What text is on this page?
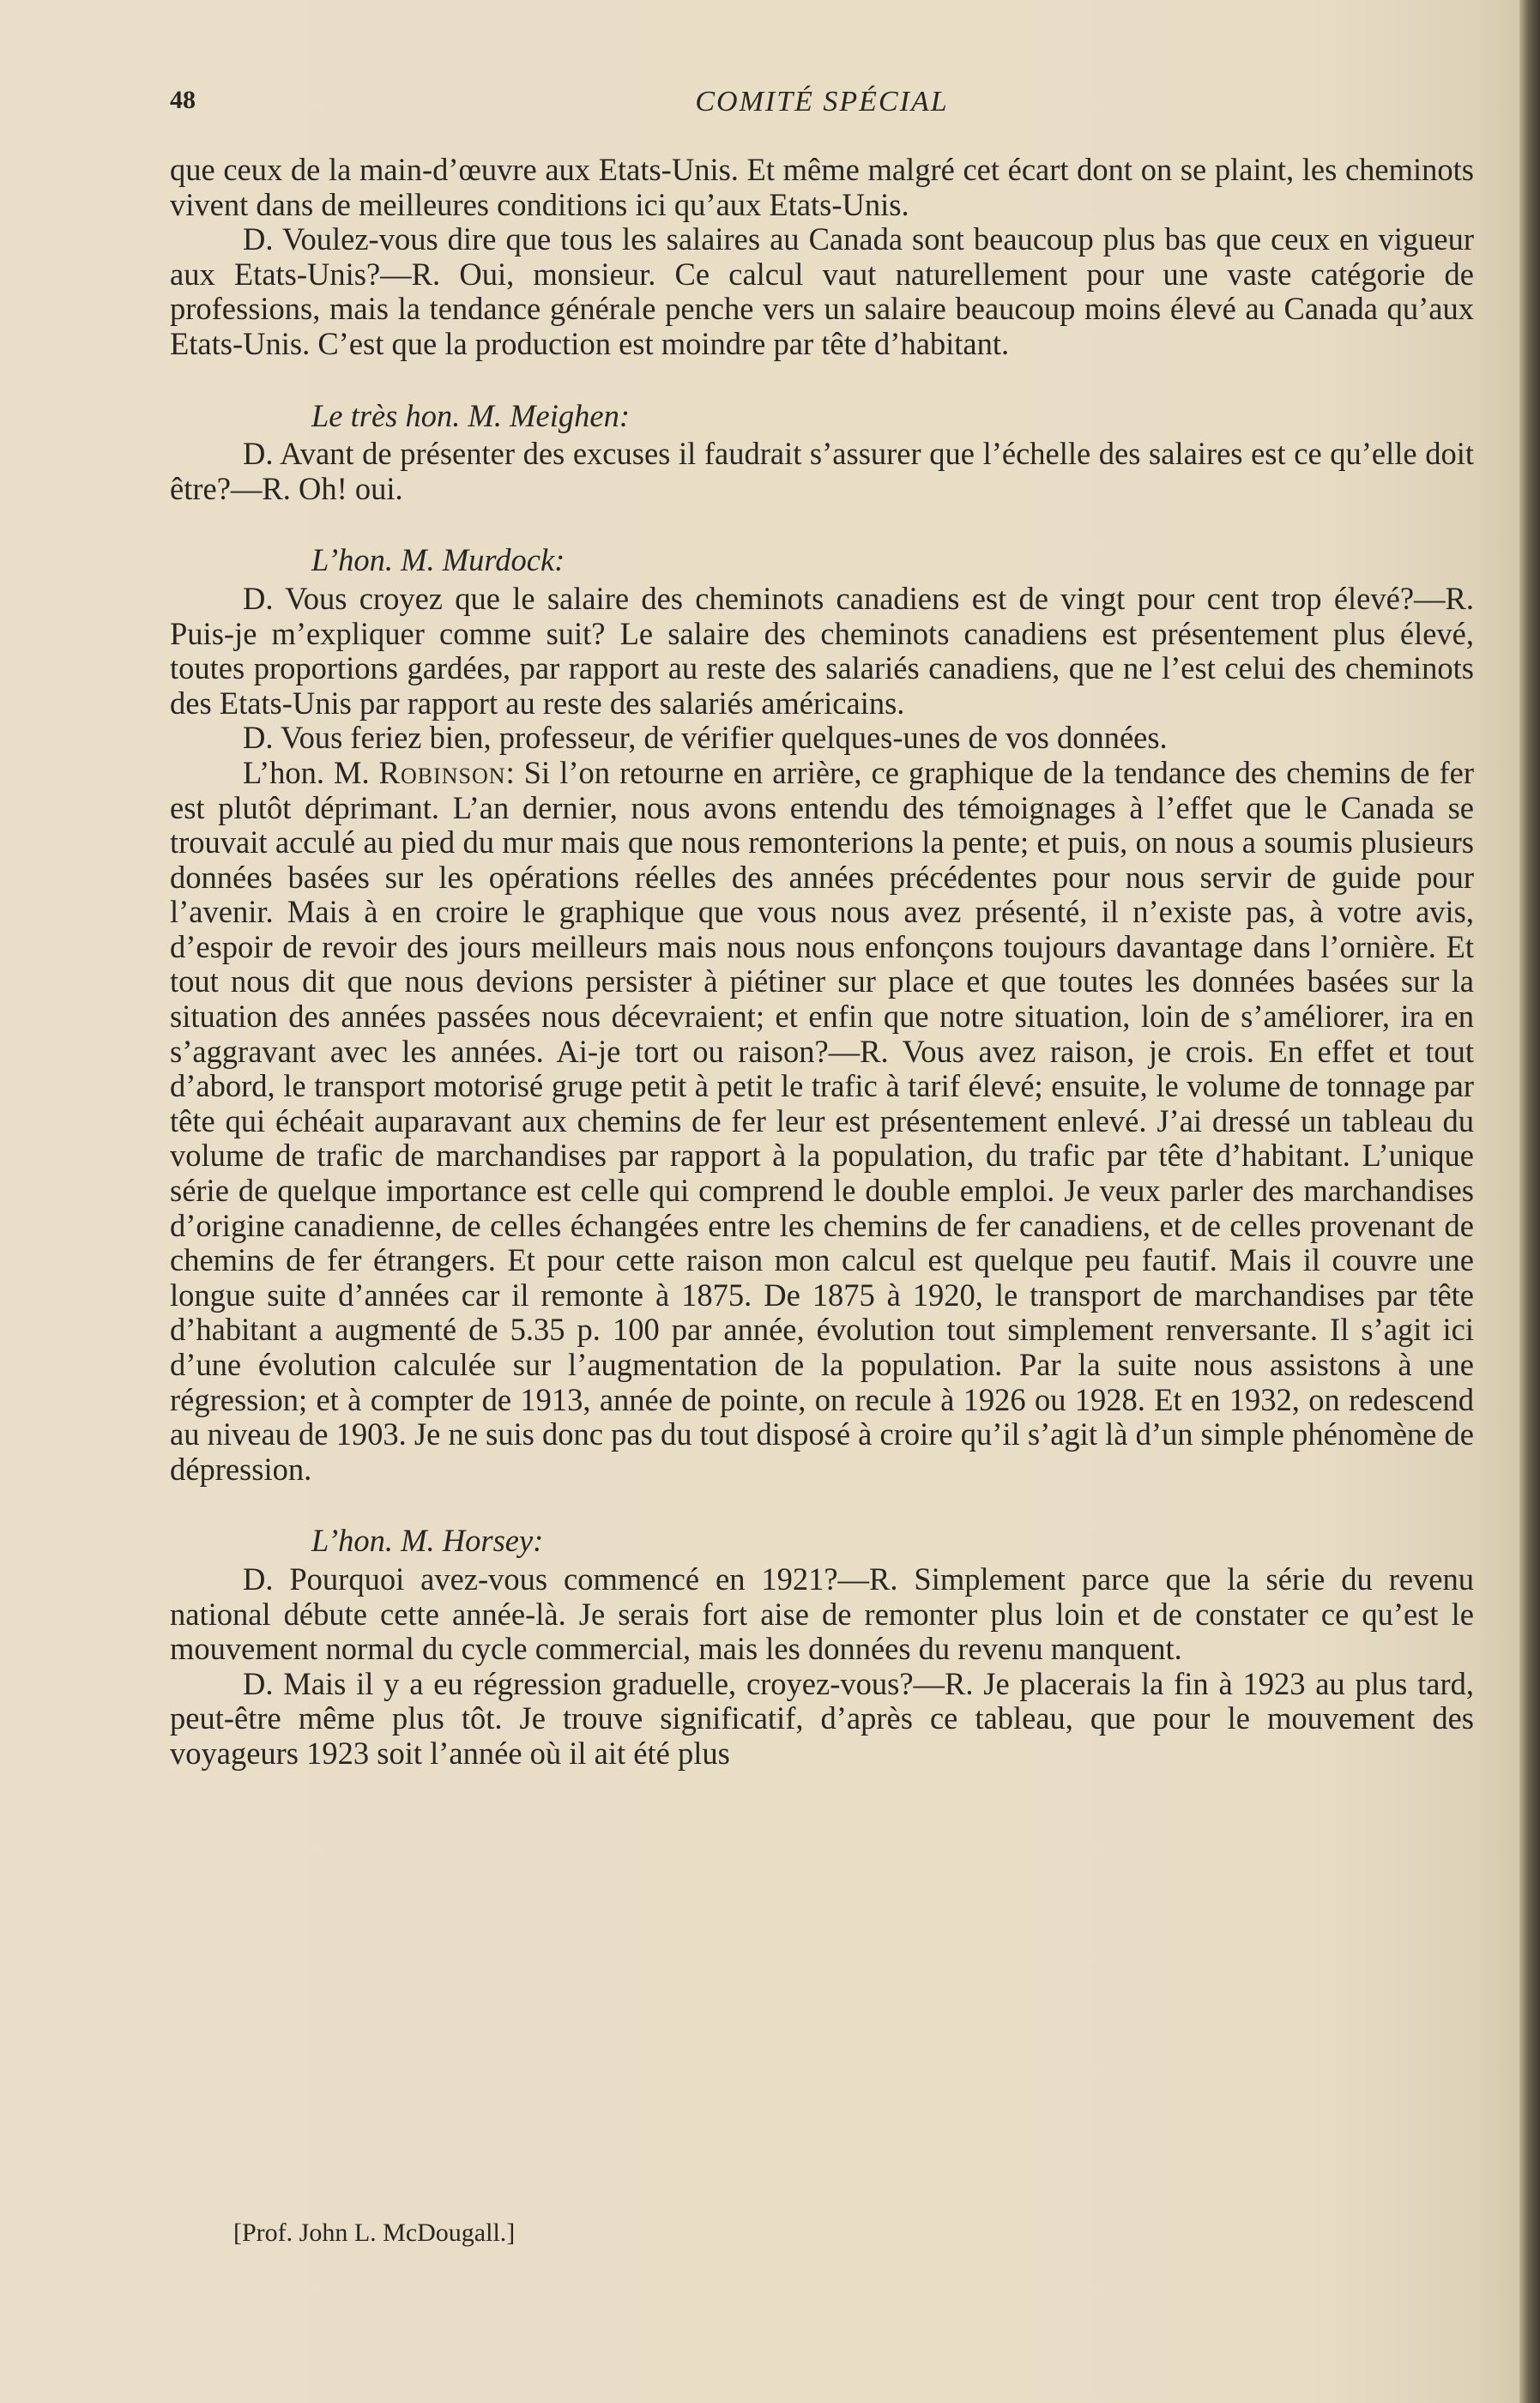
48	COMITÉ SPÉCIAL

que ceux de la main-d’œuvre aux Etats-Unis. Et même malgré cet écart dont on se plaint, les cheminots vivent dans de meilleures conditions ici qu’aux Etats-Unis.

D. Voulez-vous dire que tous les salaires au Canada sont beaucoup plus bas que ceux en vigueur aux Etats-Unis?—R. Oui, monsieur. Ce calcul vaut naturellement pour une vaste catégorie de professions, mais la tendance générale penche vers un salaire beaucoup moins élevé au Canada qu’aux Etats-Unis. C’est que la production est moindre par tête d’habitant.

Le très hon. M. Meighen:

D. Avant de présenter des excuses il faudrait s’assurer que l’échelle des salaires est ce qu’elle doit être?—R. Oh! oui.

L’hon. M. Murdock:

D. Vous croyez que le salaire des cheminots canadiens est de vingt pour cent trop élevé?—R. Puis-je m’expliquer comme suit? Le salaire des cheminots canadiens est présentement plus élevé, toutes proportions gardées, par rapport au reste des salariés canadiens, que ne l’est celui des cheminots des Etats-Unis par rapport au reste des salariés américains.

D. Vous feriez bien, professeur, de vérifier quelques-unes de vos données.

L’hon. M. Robinson: Si l’on retourne en arrière, ce graphique de la tendance des chemins de fer est plutôt déprimant. L’an dernier, nous avons entendu des témoignages à l’effet que le Canada se trouvait acculé au pied du mur mais que nous remonterions la pente; et puis, on nous a soumis plusieurs données basées sur les opérations réelles des années précédentes pour nous servir de guide pour l’avenir. Mais à en croire le graphique que vous nous avez présenté, il n’existe pas, à votre avis, d’espoir de revoir des jours meilleurs mais nous nous enfonçons toujours davantage dans l’ornière. Et tout nous dit que nous devions persister à piétiner sur place et que toutes les données basées sur la situation des années passées nous décevraient; et enfin que notre situation, loin de s’améliorer, ira en s’aggravant avec les années. Ai-je tort ou raison?—R. Vous avez raison, je crois. En effet et tout d’abord, le transport motorisé gruge petit à petit le trafic à tarif élevé; ensuite, le volume de tonnage par tête qui échéait auparavant aux chemins de fer leur est présentement enlevé. J’ai dressé un tableau du volume de trafic de marchandises par rapport à la population, du trafic par tête d’habitant. L’unique série de quelque importance est celle qui comprend le double emploi. Je veux parler des marchandises d’origine canadienne, de celles échangées entre les chemins de fer canadiens, et de celles provenant de chemins de fer étrangers. Et pour cette raison mon calcul est quelque peu fautif. Mais il couvre une longue suite d’années car il remonte à 1875. De 1875 à 1920, le transport de marchandises par tête d’habitant a augmenté de 5.35 p. 100 par année, évolution tout simplement renversante. Il s’agit ici d’une évolution calculée sur l’augmentation de la population. Par la suite nous assistons à une régression; et à compter de 1913, année de pointe, on recule à 1926 ou 1928. Et en 1932, on redescend au niveau de 1903. Je ne suis donc pas du tout disposé à croire qu’il s’agit là d’un simple phénomène de dépression.

L’hon. M. Horsey:

D. Pourquoi avez-vous commencé en 1921?—R. Simplement parce que la série du revenu national débute cette année-là. Je serais fort aise de remonter plus loin et de constater ce qu’est le mouvement normal du cycle commercial, mais les données du revenu manquent.

D. Mais il y a eu régression graduelle, croyez-vous?—R. Je placerais la fin à 1923 au plus tard, peut-être même plus tôt. Je trouve significatif, d’après ce tableau, que pour le mouvement des voyageurs 1923 soit l’année où il ait été plus

[Prof. John L. McDougall.]
